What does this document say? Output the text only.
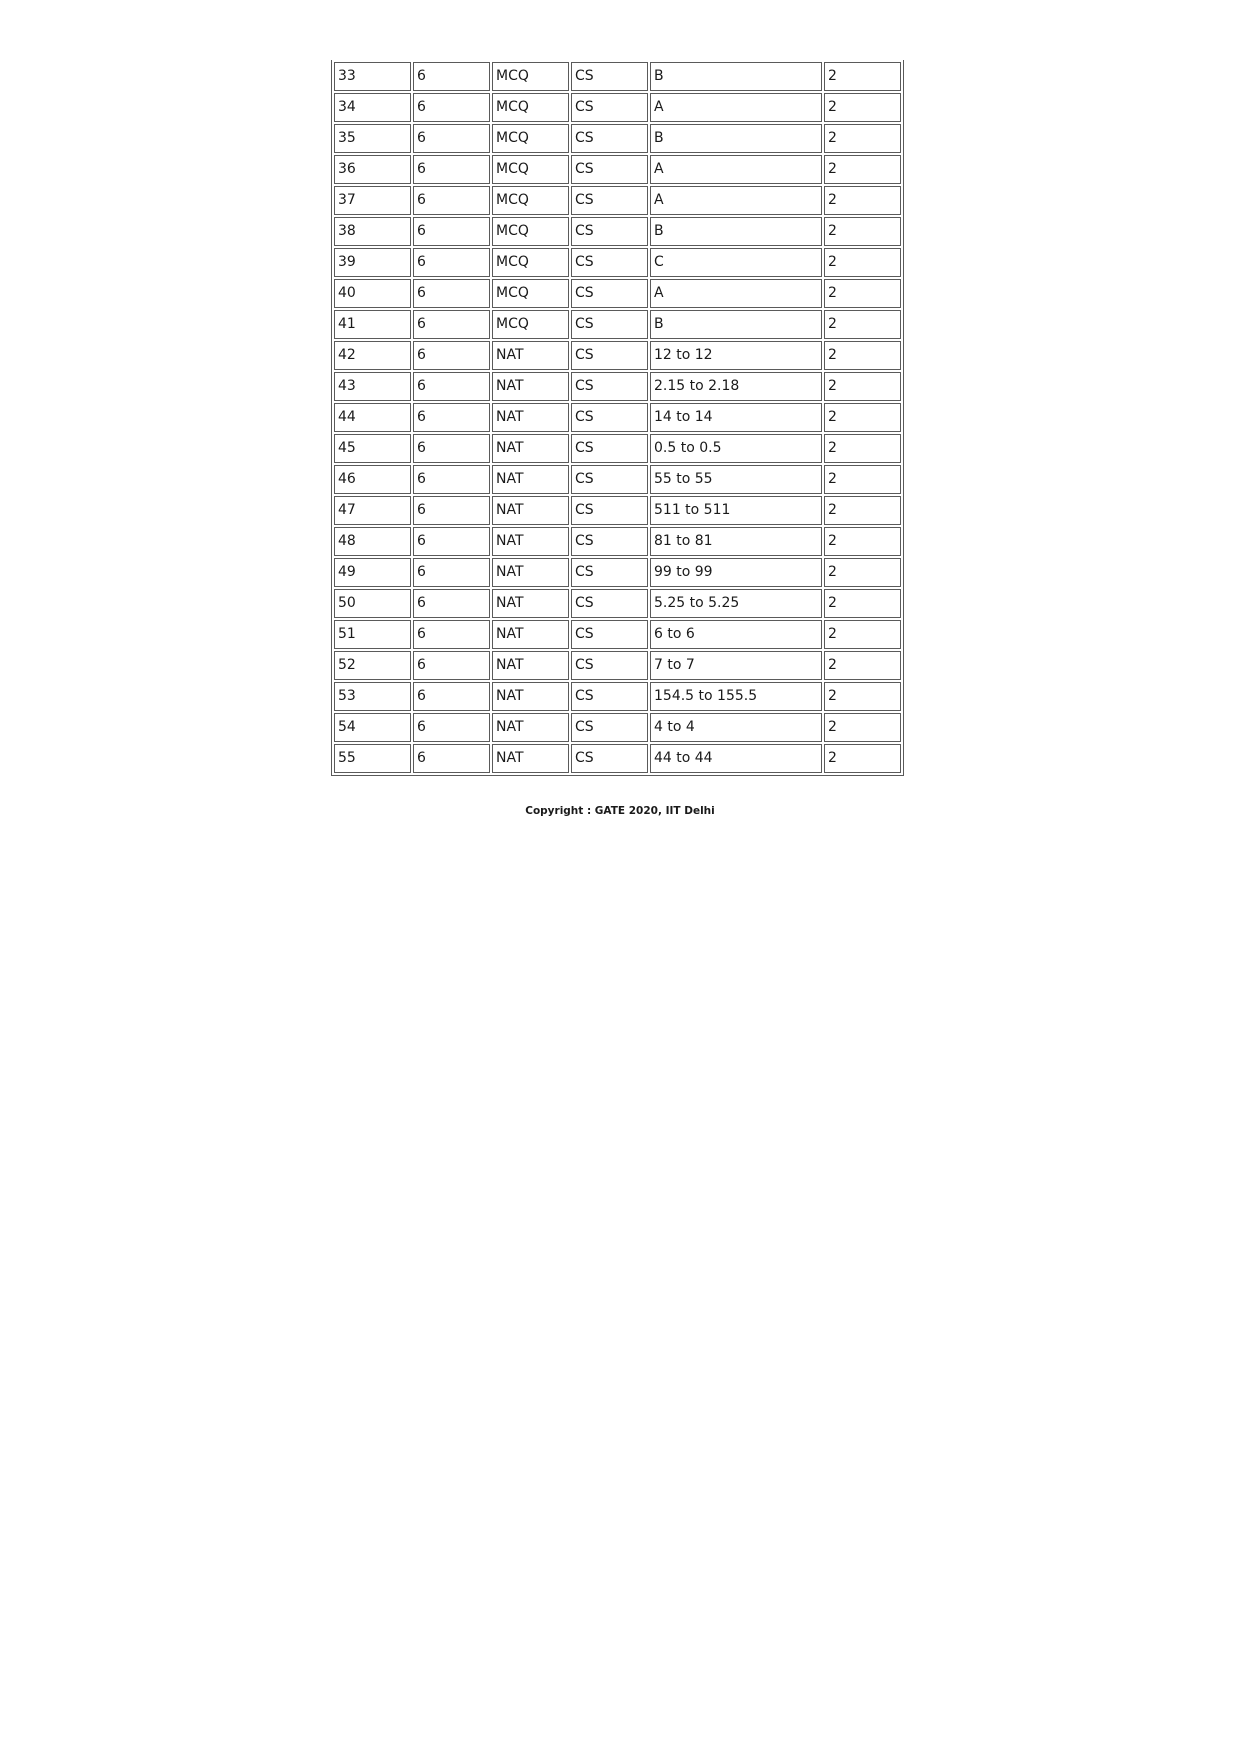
33	6	MCQ	CS	B	2
34	6	MCQ	CS	A	2
35	6	MCQ	CS	B	2
36	6	MCQ	CS	A	2
37	6	MCQ	CS	A	2
38	6	MCQ	CS	B	2
39	6	MCQ	CS	C	2
40	6	MCQ	CS	A	2
41	6	MCQ	CS	B	2
42	6	NAT	CS	12 to 12	2
43	6	NAT	CS	2.15 to 2.18	2
44	6	NAT	CS	14 to 14	2
45	6	NAT	CS	0.5 to 0.5	2
46	6	NAT	CS	55 to 55	2
47	6	NAT	CS	511 to 511	2
48	6	NAT	CS	81 to 81	2
49	6	NAT	CS	99 to 99	2
50	6	NAT	CS	5.25 to 5.25	2
51	6	NAT	CS	6 to 6	2
52	6	NAT	CS	7 to 7	2
53	6	NAT	CS	154.5 to 155.5	2
54	6	NAT	CS	4 to 4	2
55	6	NAT	CS	44 to 44	2
Copyright : GATE 2020, IIT Delhi
